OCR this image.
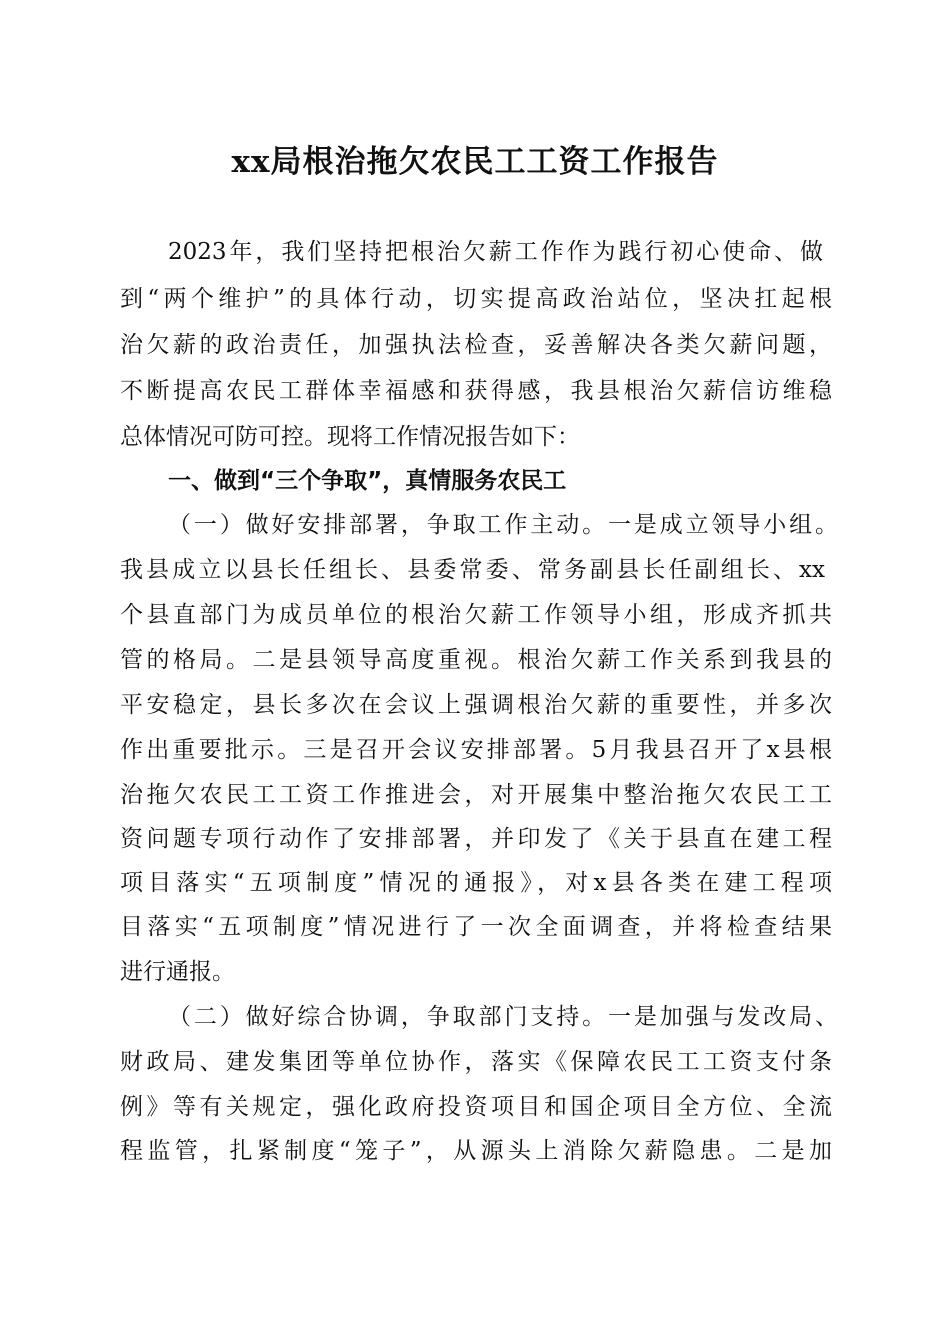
xx局根治拖欠农民工工资工作报告
2023年，我们坚持把根治欠薪工作作为践行初心使命、做
到“两个维护”的具体行动，切实提高政治站位，坚决扛起根
治欠薪的政治责任，加强执法检查，妥善解决各类欠薪问题，
不断提高农民工群体幸福感和获得感，我县根治欠薪信访维稳
总体情况可防可控。现将工作情况报告如下：
一、做到“三个争取”，真情服务农民工
（一）做好安排部署，争取工作主动。一是成立领导小组。
我县成立以县长任组长、县委常委、常务副县长任副组长、xx
个县直部门为成员单位的根治欠薪工作领导小组，形成齐抓共
管的格局。二是县领导高度重视。根治欠薪工作关系到我县的
平安稳定，县长多次在会议上强调根治欠薪的重要性，并多次
作出重要批示。三是召开会议安排部署。5月我县召开了x县根
治拖欠农民工工资工作推进会，对开展集中整治拖欠农民工工
资问题专项行动作了安排部署，并印发了《关于县直在建工程
项目落实“五项制度”情况的通报》，对x县各类在建工程项
目落实“五项制度”情况进行了一次全面调查，并将检查结果
进行通报。
（二）做好综合协调，争取部门支持。一是加强与发改局、
财政局、建发集团等单位协作，落实《保障农民工工资支付条
例》等有关规定，强化政府投资项目和国企项目全方位、全流
程监管，扎紧制度“笼子”，从源头上消除欠薪隐患。二是加
